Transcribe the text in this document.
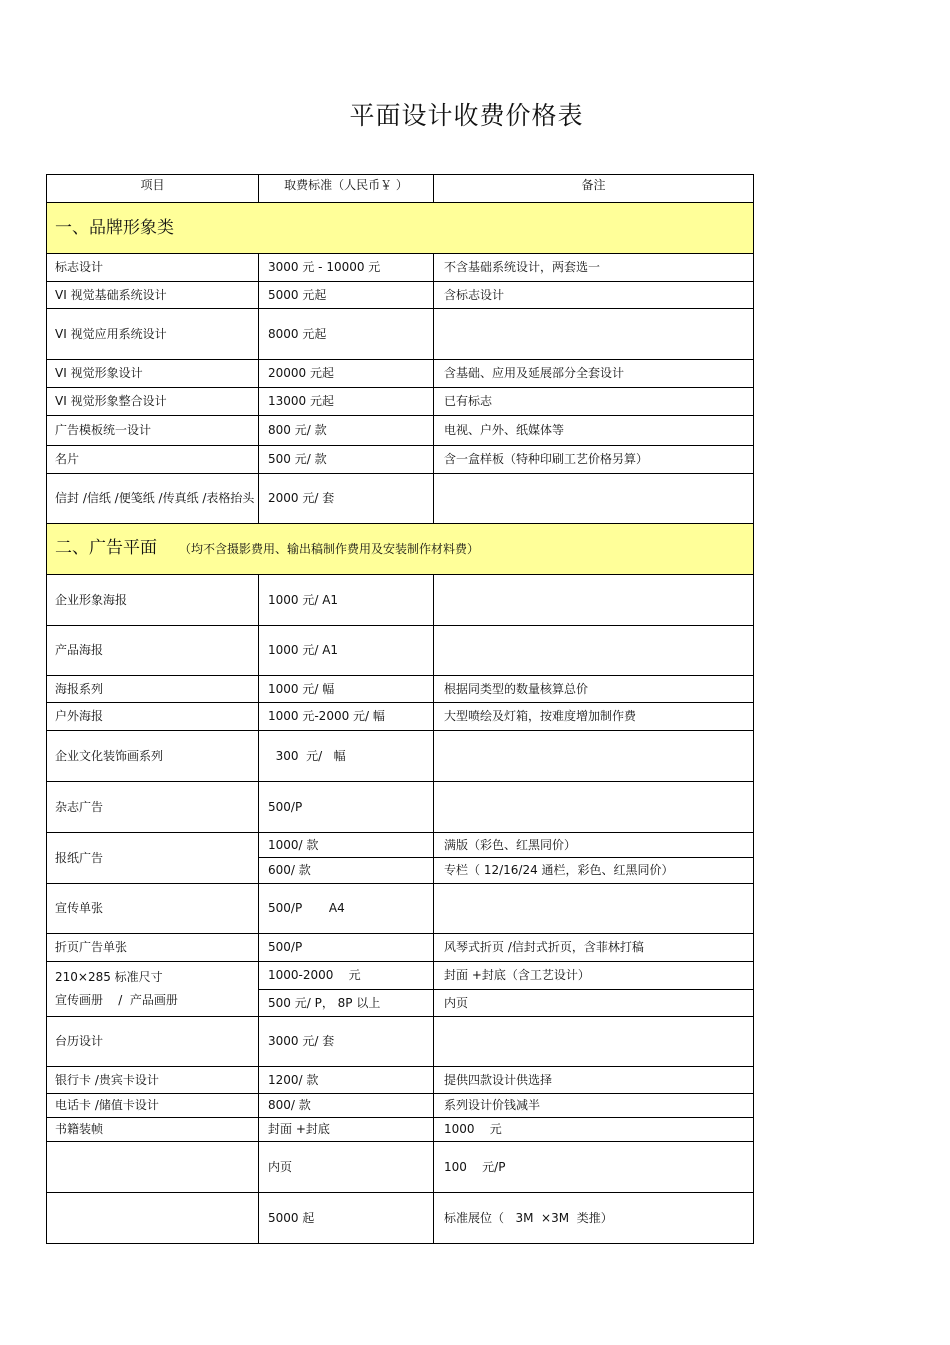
平面设计收费价格表
项目	取费标准（人民币￥ ）	备注
一、品牌形象类		
标志设计	3000 元 - 10000 元	不含基础系统设计，两套选一
VI 视觉基础系统设计	5000 元起	含标志设计
VI 视觉应用系统设计	8000 元起	
VI 视觉形象设计	20000 元起	含基础、应用及延展部分全套设计
VI 视觉形象整合设计	13000 元起	已有标志
广告模板统一设计	800 元/ 款	电视、户外、纸媒体等
名片	500 元/ 款	含一盒样板（特种印刷工艺价格另算）
信封 /信纸 /便笺纸 /传真纸 /表格抬头	2000 元/ 套	
二、广告平面 （均不含摄影费用、输出稿制作费用及安装制作材料费）		
企业形象海报	1000 元/ A1	
产品海报	1000 元/ A1	
海报系列	1000 元/ 幅	根据同类型的数量核算总价
户外海报	1000 元-2000 元/ 幅	大型喷绘及灯箱，按难度增加制作费
企业文化装饰画系列	300  元/   幅	
杂志广告	500/P	
报纸广告	1000/ 款	满版（彩色、红黑同价）
	600/ 款	专栏（ 12/16/24 通栏，彩色、红黑同价）
宣传单张	500/P       A4	
折页广告单张	500/P	风琴式折页 /信封式折页，含菲林打稿

210×285 标准尺寸
宣传画册    /  产品画册	1000-2000    元	封面 +封底（含工艺设计）
	500 元/ P， 8P 以上	内页
台历设计	3000 元/ 套	
银行卡 /贵宾卡设计	1200/ 款	提供四款设计供选择
电话卡 /储值卡设计	800/ 款	系列设计价钱减半
书籍装帧	封面 +封底	1000    元
	内页	100    元/P
	5000 起	标准展位（   3M  ×3M  类推）
